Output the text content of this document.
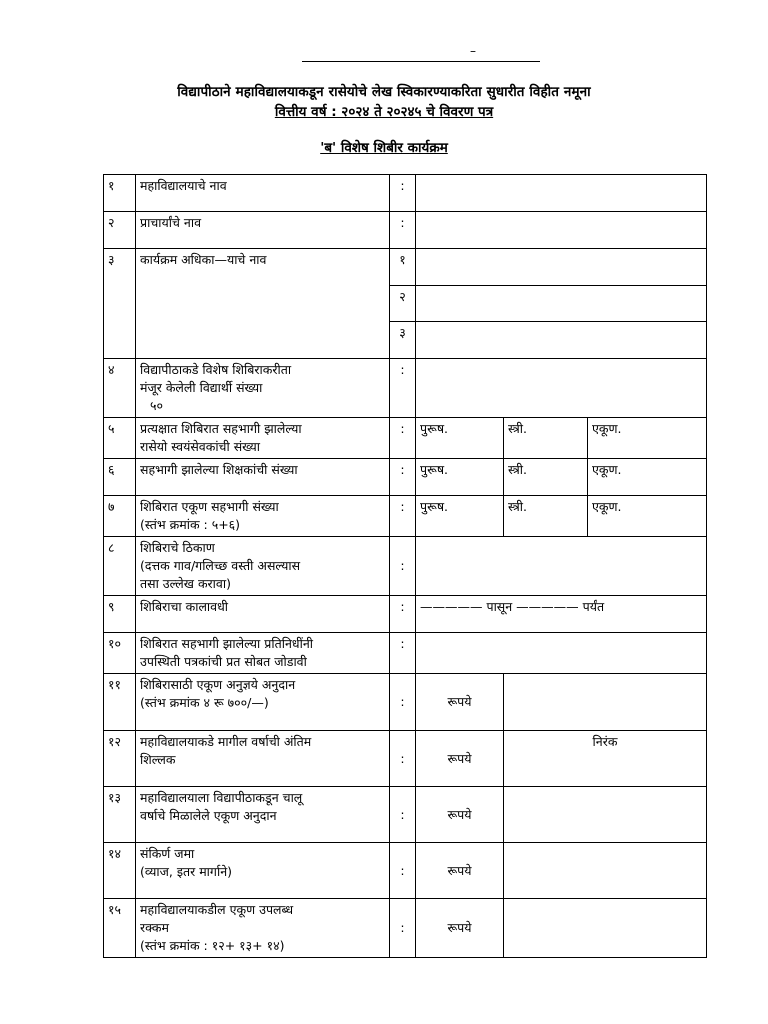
–
विद्यापीठाने महाविद्यालयाकडून रासेयोचे लेख स्विकारण्याकरिता सुधारीत विहीत नमूना
वित्तीय वर्ष : २०२४ ते २०२४५ चे विवरण पत्र
'ब' विशेष शिबीर कार्यक्रम
१	महाविद्यालयाचे नाव	:			
२	प्राचार्यांचे नाव	:			
३	कार्यक्रम अधिका—याचे नाव	१			
		२			
		३			
४	विद्यापीठाकडे विशेष शिबिराकरीता
मंजूर केलेली विद्यार्थी संख्या
५०	:			
५	प्रत्यक्षात शिबिरात सहभागी झालेल्या
रासेयो स्वयंसेवकांची संख्या	:	पुरूष.	स्त्री.	एकूण.
६	सहभागी झालेल्या शिक्षकांची संख्या	:	पुरूष.	स्त्री.	एकूण.
७	शिबिरात एकूण सहभागी संख्या
(स्तंभ क्रमांक : ५+६)	:	पुरूष.	स्त्री.	एकूण.
८	शिबिराचे ठिकाण
(दत्तक गाव/गलिच्छ वस्ती असल्यास
तसा उल्लेख करावा)	:			
९	शिबिराचा कालावधी	:	————— पासून ————— पर्यंत		
१०	शिबिरात सहभागी झालेल्या प्रतिनिधींनी
उपस्थिती पत्रकांची प्रत सोबत जोडावी	:			
११	शिबिरासाठी एकूण अनुज्ञये अनुदान
(स्तंभ क्रमांक ४ रू ७००/—)	:	रूपये		
१२	महाविद्यालयाकडे मागील वर्षाची अंतिम
शिल्लक	:	रूपये	निरंक	
१३	महाविद्यालयाला विद्यापीठाकडून चालू
वर्षाचे मिळालेले एकूण अनुदान	:	रूपये		
१४	संकिर्ण जमा
(व्याज, इतर मार्गाने)	:	रूपये		
१५	महाविद्यालयाकडील एकूण उपलब्ध
रक्कम
(स्तंभ क्रमांक : १२+ १३+ १४)	:	रूपये		
